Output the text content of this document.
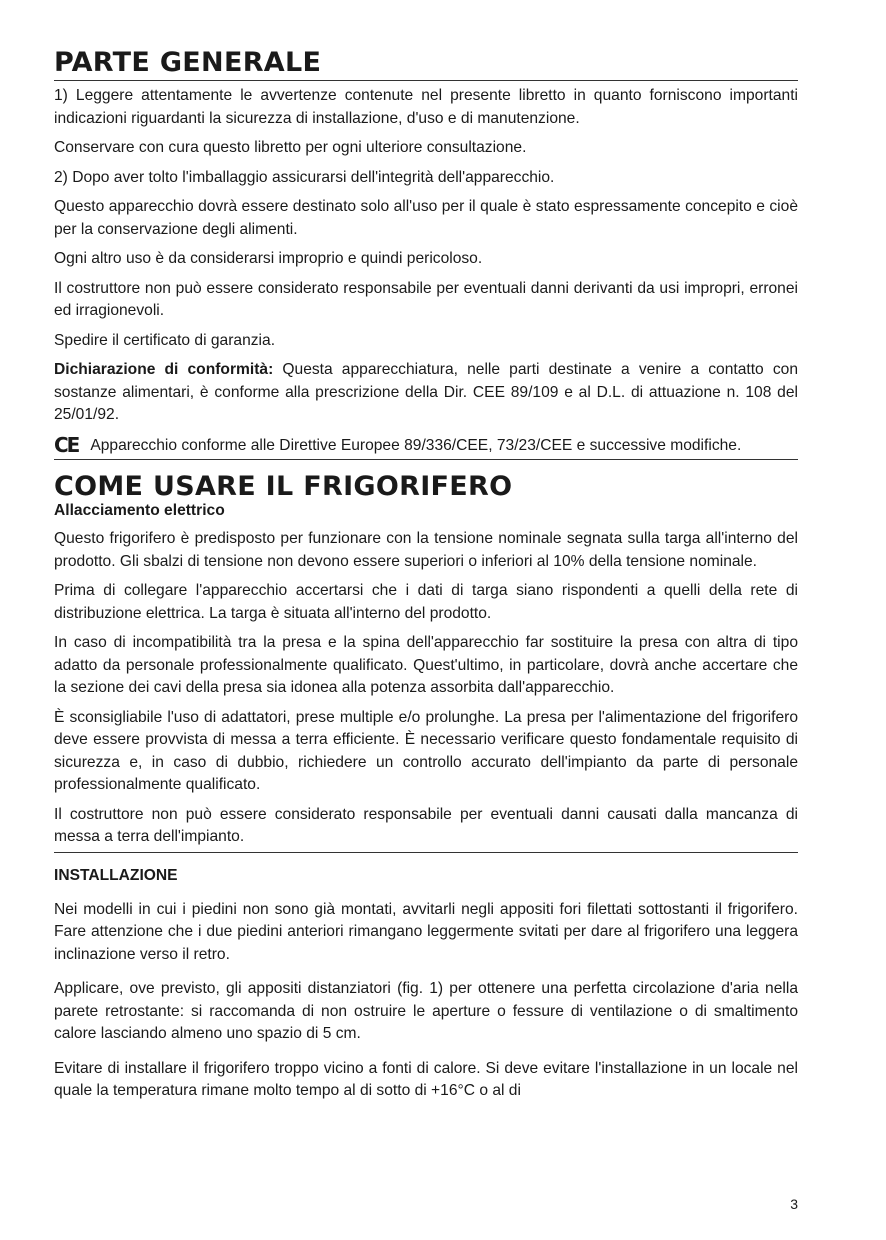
PARTE GENERALE

1) Leggere attentamente le avvertenze contenute nel presente libretto in quanto forniscono importanti indicazioni riguardanti la sicurezza di installazione, d'uso e di manutenzione.

Conservare con cura questo libretto per ogni ulteriore consultazione.

2) Dopo aver tolto l'imballaggio assicurarsi dell'integrità dell'apparecchio.

Questo apparecchio dovrà essere destinato solo all'uso per il quale è stato espressamente concepito e cioè per la conservazione degli alimenti.

Ogni altro uso è da considerarsi improprio e quindi pericoloso.

Il costruttore non può essere considerato responsabile per eventuali danni derivanti da usi impropri, erronei ed irragionevoli.

Spedire il certificato di garanzia.

Dichiarazione di conformità: Questa apparecchiatura, nelle parti destinate a venire a contatto con sostanze alimentari, è conforme alla prescrizione della Dir. CEE 89/109 e al D.L. di attuazione n. 108 del 25/01/92.

CE Apparecchio conforme alle Direttive Europee 89/336/CEE, 73/23/CEE e successive modifiche.

COME USARE IL FRIGORIFERO
Allacciamento elettrico

Questo frigorifero è predisposto per funzionare con la tensione nominale segnata sulla targa all'interno del prodotto. Gli sbalzi di tensione non devono essere superiori o inferiori al 10% della tensione nominale.

Prima di collegare l'apparecchio accertarsi che i dati di targa siano rispondenti a quelli della rete di distribuzione elettrica. La targa è situata all'interno del prodotto.

In caso di incompatibilità tra la presa e la spina dell'apparecchio far sostituire la presa con altra di tipo adatto da personale professionalmente qualificato. Quest'ultimo, in particolare, dovrà anche accertare che la sezione dei cavi della presa sia idonea alla potenza assorbita dall'apparecchio.

È sconsigliabile l'uso di adattatori, prese multiple e/o prolunghe. La presa per l'alimentazione del frigorifero deve essere provvista di messa a terra efficiente. È necessario verificare questo fondamentale requisito di sicurezza e, in caso di dubbio, richiedere un controllo accurato dell'impianto da parte di personale professionalmente qualificato.

Il costruttore non può essere considerato responsabile per eventuali danni causati dalla mancanza di messa a terra dell'impianto.

INSTALLAZIONE

Nei modelli in cui i piedini non sono già montati, avvitarli negli appositi fori filettati sottostanti il frigorifero. Fare attenzione che i due piedini anteriori rimangano leggermente svitati per dare al frigorifero una leggera inclinazione verso il retro.

Applicare, ove previsto, gli appositi distanziatori (fig. 1) per ottenere una perfetta circolazione d'aria nella parete retrostante: si raccomanda di non ostruire le aperture o fessure di ventilazione o di smaltimento calore lasciando almeno uno spazio di 5 cm.

Evitare di installare il frigorifero troppo vicino a fonti di calore. Si deve evitare l'installazione in un locale nel quale la temperatura rimane molto tempo al di sotto di +16°C o al di

3
